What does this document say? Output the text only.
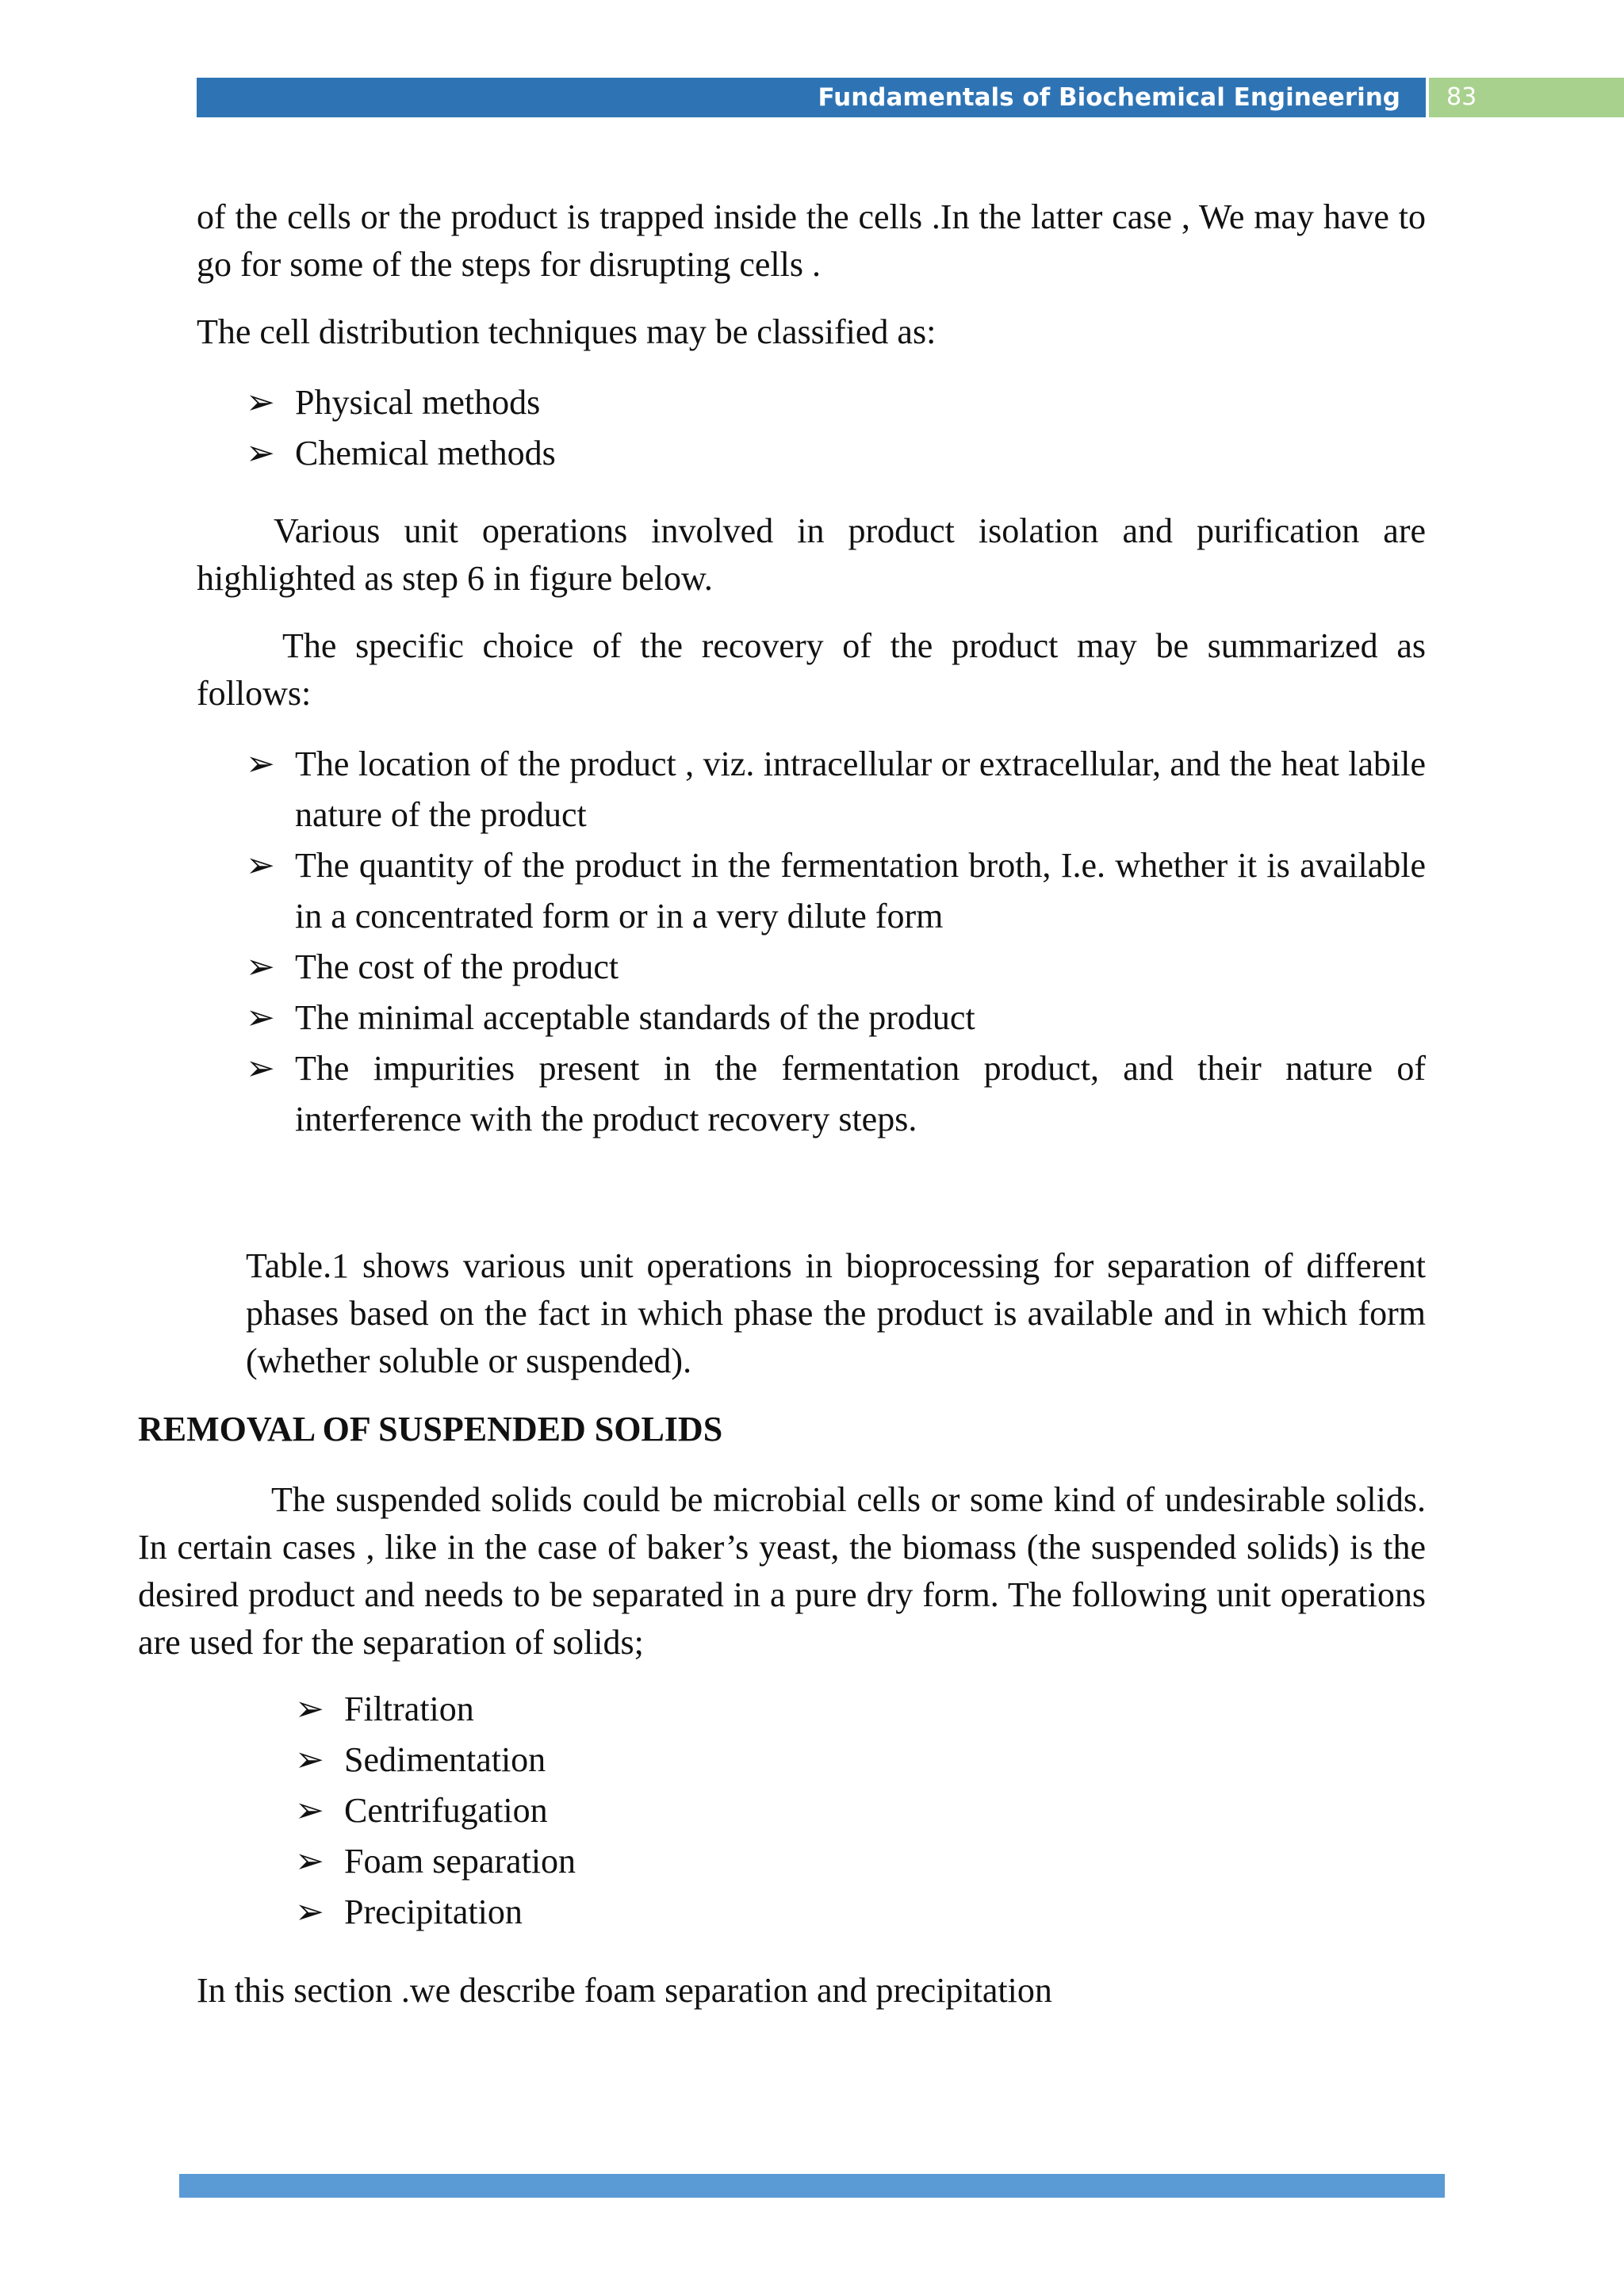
Fundamentals of Biochemical Engineering	83

of the cells or the product is trapped inside the cells .In the latter case , We may have to go for some of the steps for disrupting cells .

The cell distribution techniques may be classified as:

➢ Physical methods
➢ Chemical methods

Various unit operations involved in product isolation and purification are highlighted as step 6 in figure below.

The specific choice of the recovery of the product may be summarized as follows:

➢ The location of the product , viz. intracellular or extracellular, and the heat labile nature of the product
➢ The quantity of the product in the fermentation broth, I.e. whether it is available in a concentrated form or in a very dilute form
➢ The cost of the product
➢ The minimal acceptable standards of the product
➢ The impurities present in the fermentation product, and their nature of interference with the product recovery steps.

Table.1 shows various unit operations in bioprocessing for separation of different phases based on the fact in which phase the product is available and in which form (whether soluble or suspended).

REMOVAL OF SUSPENDED SOLIDS

The suspended solids could be microbial cells or some kind of undesirable solids. In certain cases , like in the case of baker’s yeast, the biomass (the suspended solids) is the desired product and needs to be separated in a pure dry form. The following unit operations are used for the separation of solids;

➢ Filtration
➢ Sedimentation
➢ Centrifugation
➢ Foam separation
➢ Precipitation

In this section .we describe foam separation and precipitation
